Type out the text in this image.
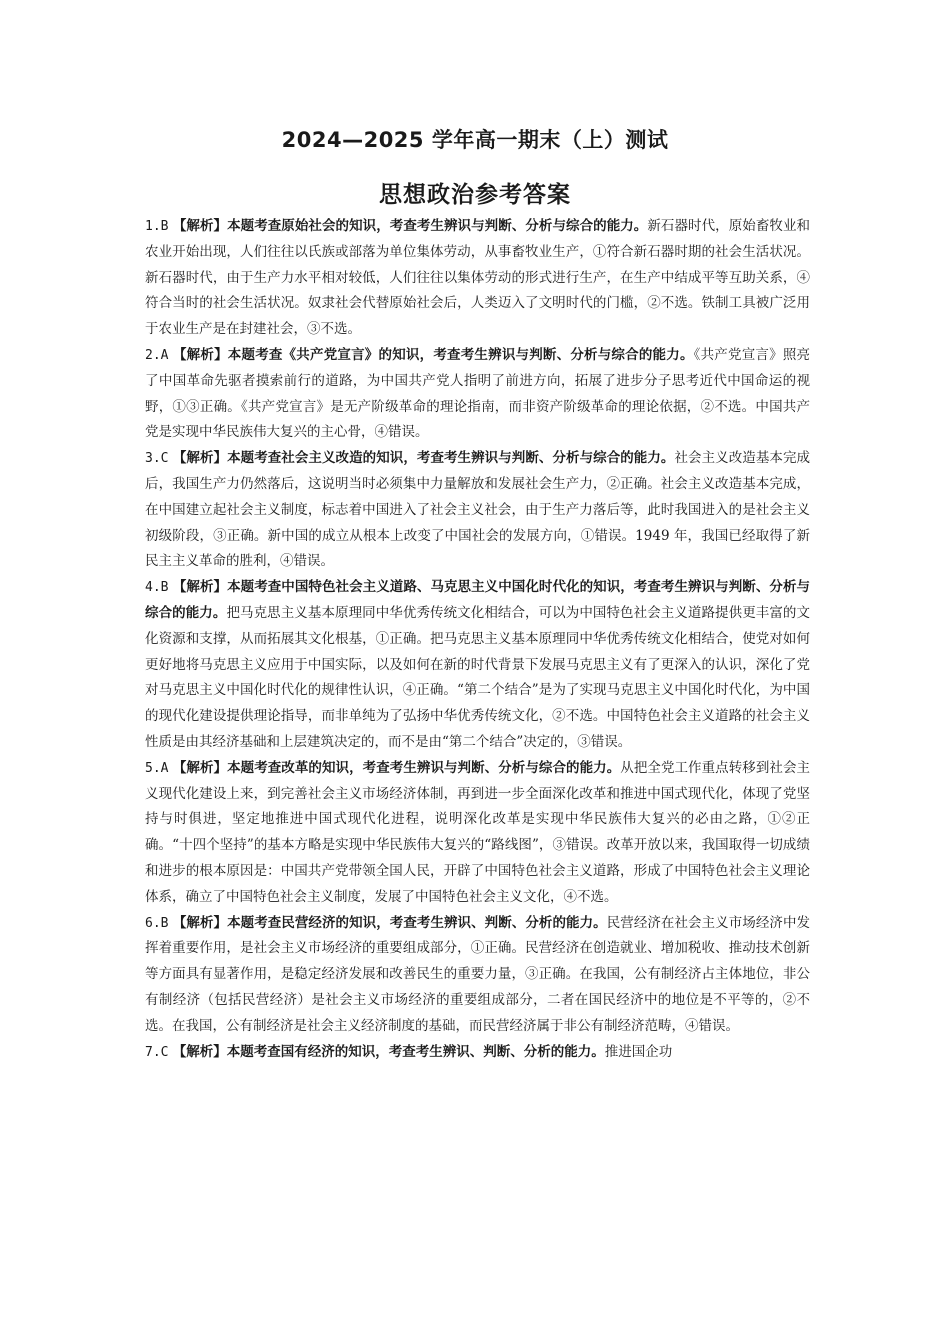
2024—2025 学年高一期末（上）测试
思想政治参考答案

1.B 【解析】本题考查原始社会的知识，考查考生辨识与判断、分析与综合的能力。新石器时代，原始畜牧业和农业开始出现，人们往往以氏族或部落为单位集体劳动，从事畜牧业生产，①符合新石器时期的社会生活状况。新石器时代，由于生产力水平相对较低，人们往往以集体劳动的形式进行生产，在生产中结成平等互助关系，④符合当时的社会生活状况。奴隶社会代替原始社会后，人类迈入了文明时代的门槛，②不选。铁制工具被广泛用于农业生产是在封建社会，③不选。

2.A 【解析】本题考查《共产党宣言》的知识，考查考生辨识与判断、分析与综合的能力。《共产党宣言》照亮了中国革命先驱者摸索前行的道路，为中国共产党人指明了前进方向，拓展了进步分子思考近代中国命运的视野，①③正确。《共产党宣言》是无产阶级革命的理论指南，而非资产阶级革命的理论依据，②不选。中国共产党是实现中华民族伟大复兴的主心骨，④错误。

3.C 【解析】本题考查社会主义改造的知识，考查考生辨识与判断、分析与综合的能力。社会主义改造基本完成后，我国生产力仍然落后，这说明当时必须集中力量解放和发展社会生产力，②正确。社会主义改造基本完成，在中国建立起社会主义制度，标志着中国进入了社会主义社会，由于生产力落后等，此时我国进入的是社会主义初级阶段，③正确。新中国的成立从根本上改变了中国社会的发展方向，①错误。1949 年，我国已经取得了新民主主义革命的胜利，④错误。

4.B 【解析】本题考查中国特色社会主义道路、马克思主义中国化时代化的知识，考查考生辨识与判断、分析与综合的能力。把马克思主义基本原理同中华优秀传统文化相结合，可以为中国特色社会主义道路提供更丰富的文化资源和支撑，从而拓展其文化根基，①正确。把马克思主义基本原理同中华优秀传统文化相结合，使党对如何更好地将马克思主义应用于中国实际，以及如何在新的时代背景下发展马克思主义有了更深入的认识，深化了党对马克思主义中国化时代化的规律性认识，④正确。“第二个结合”是为了实现马克思主义中国化时代化，为中国的现代化建设提供理论指导，而非单纯为了弘扬中华优秀传统文化，②不选。中国特色社会主义道路的社会主义性质是由其经济基础和上层建筑决定的，而不是由“第二个结合”决定的，③错误。

5.A 【解析】本题考查改革的知识，考查考生辨识与判断、分析与综合的能力。从把全党工作重点转移到社会主义现代化建设上来，到完善社会主义市场经济体制，再到进一步全面深化改革和推进中国式现代化，体现了党坚持与时俱进，坚定地推进中国式现代化进程，说明深化改革是实现中华民族伟大复兴的必由之路，①②正确。“十四个坚持”的基本方略是实现中华民族伟大复兴的“路线图”，③错误。改革开放以来，我国取得一切成绩和进步的根本原因是：中国共产党带领全国人民，开辟了中国特色社会主义道路，形成了中国特色社会主义理论体系，确立了中国特色社会主义制度，发展了中国特色社会主义文化，④不选。

6.B 【解析】本题考查民营经济的知识，考查考生辨识、判断、分析的能力。民营经济在社会主义市场经济中发挥着重要作用，是社会主义市场经济的重要组成部分，①正确。民营经济在创造就业、增加税收、推动技术创新等方面具有显著作用，是稳定经济发展和改善民生的重要力量，③正确。在我国，公有制经济占主体地位，非公有制经济（包括民营经济）是社会主义市场经济的重要组成部分，二者在国民经济中的地位是不平等的，②不选。在我国，公有制经济是社会主义经济制度的基础，而民营经济属于非公有制经济范畴，④错误。

7.C 【解析】本题考查国有经济的知识，考查考生辨识、判断、分析的能力。推进国企功
